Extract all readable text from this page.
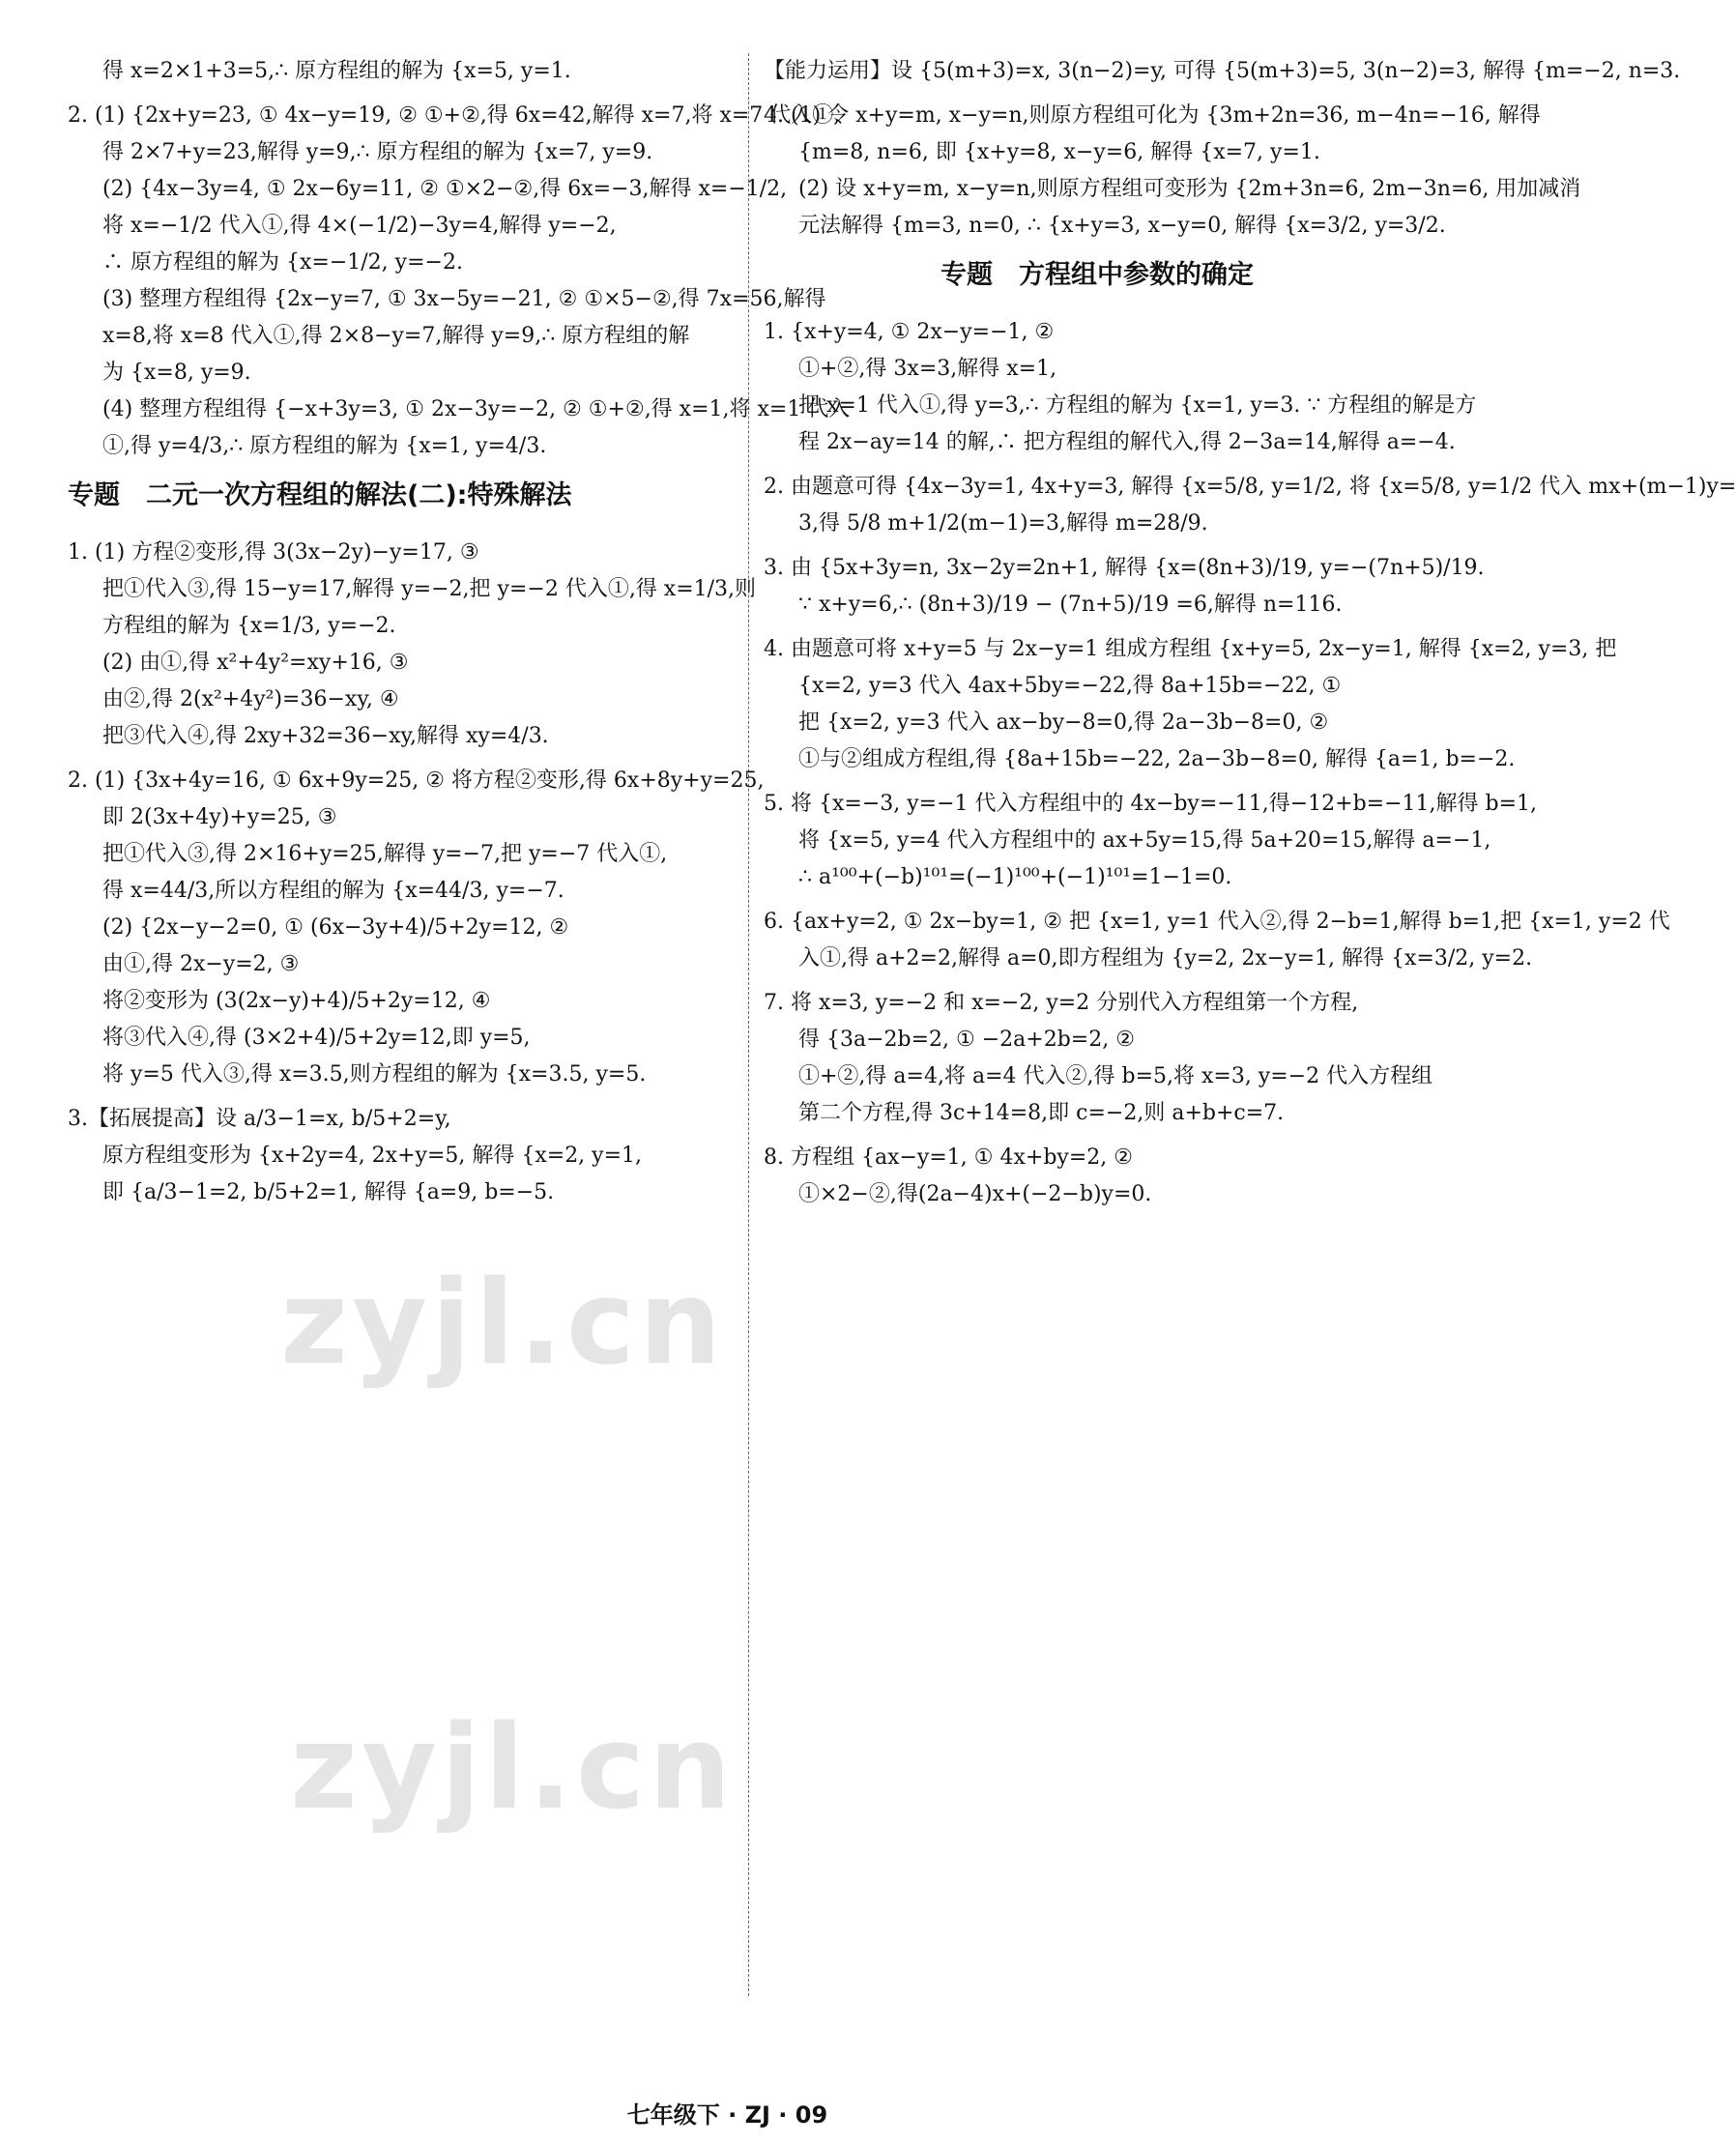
得 x=2×1+3=5,∴ 原方程组的解为 {x=5, y=1.
2. (1) {2x+y=23, ① 4x−y=19, ② ①+②,得 6x=42,解得 x=7,将 x=7 代入①,
得 2×7+y=23,解得 y=9,∴ 原方程组的解为 {x=7, y=9.
(2) {4x−3y=4, ① 2x−6y=11, ② ①×2−②,得 6x=−3,解得 x=−1/2,
将 x=−1/2 代入①,得 4×(−1/2)−3y=4,解得 y=−2,
∴ 原方程组的解为 {x=−1/2, y=−2.
(3) 整理方程组得 {2x−y=7, ① 3x−5y=−21, ② ①×5−②,得 7x=56,解得
x=8,将 x=8 代入①,得 2×8−y=7,解得 y=9,∴ 原方程组的解
为 {x=8, y=9.
(4) 整理方程组得 {−x+3y=3, ① 2x−3y=−2, ② ①+②,得 x=1,将 x=1 代入
①,得 y=4/3,∴ 原方程组的解为 {x=1, y=4/3.
专题　二元一次方程组的解法(二):特殊解法
1. (1) 方程②变形,得 3(3x−2y)−y=17, ③
把①代入③,得 15−y=17,解得 y=−2,把 y=−2 代入①,得 x=1/3,则
方程组的解为 {x=1/3, y=−2.
(2) 由①,得 x²+4y²=xy+16, ③
由②,得 2(x²+4y²)=36−xy, ④
把③代入④,得 2xy+32=36−xy,解得 xy=4/3.
2. (1) {3x+4y=16, ① 6x+9y=25, ② 将方程②变形,得 6x+8y+y=25,
即 2(3x+4y)+y=25, ③
把①代入③,得 2×16+y=25,解得 y=−7,把 y=−7 代入①,
得 x=44/3,所以方程组的解为 {x=44/3, y=−7.
(2) {2x−y−2=0, ① (6x−3y+4)/5+2y=12, ②
由①,得 2x−y=2, ③
将②变形为 (3(2x−y)+4)/5+2y=12, ④
将③代入④,得 (3×2+4)/5+2y=12,即 y=5,
将 y=5 代入③,得 x=3.5,则方程组的解为 {x=3.5, y=5.
3.【拓展提高】设 a/3−1=x, b/5+2=y,
原方程组变形为 {x+2y=4, 2x+y=5, 解得 {x=2, y=1,
即 {a/3−1=2, b/5+2=1, 解得 {a=9, b=−5.
【能力运用】设 {5(m+3)=x, 3(n−2)=y, 可得 {5(m+3)=5, 3(n−2)=3, 解得 {m=−2, n=3.
4. (1) 令 x+y=m, x−y=n,则原方程组可化为 {3m+2n=36, m−4n=−16, 解得
{m=8, n=6, 即 {x+y=8, x−y=6, 解得 {x=7, y=1.
(2) 设 x+y=m, x−y=n,则原方程组可变形为 {2m+3n=6, 2m−3n=6, 用加减消
元法解得 {m=3, n=0, ∴ {x+y=3, x−y=0, 解得 {x=3/2, y=3/2.
专题　方程组中参数的确定
1. {x+y=4, ① 2x−y=−1, ②
①+②,得 3x=3,解得 x=1,
把 x=1 代入①,得 y=3,∴ 方程组的解为 {x=1, y=3. ∵ 方程组的解是方
程 2x−ay=14 的解,∴ 把方程组的解代入,得 2−3a=14,解得 a=−4.
2. 由题意可得 {4x−3y=1, 4x+y=3, 解得 {x=5/8, y=1/2, 将 {x=5/8, y=1/2 代入 mx+(m−1)y=
3,得 5/8 m+1/2(m−1)=3,解得 m=28/9.
3. 由 {5x+3y=n, 3x−2y=2n+1, 解得 {x=(8n+3)/19, y=−(7n+5)/19.
∵ x+y=6,∴ (8n+3)/19 − (7n+5)/19 =6,解得 n=116.
4. 由题意可将 x+y=5 与 2x−y=1 组成方程组 {x+y=5, 2x−y=1, 解得 {x=2, y=3, 把
{x=2, y=3 代入 4ax+5by=−22,得 8a+15b=−22, ①
把 {x=2, y=3 代入 ax−by−8=0,得 2a−3b−8=0, ②
①与②组成方程组,得 {8a+15b=−22, 2a−3b−8=0, 解得 {a=1, b=−2.
5. 将 {x=−3, y=−1 代入方程组中的 4x−by=−11,得−12+b=−11,解得 b=1,
将 {x=5, y=4 代入方程组中的 ax+5y=15,得 5a+20=15,解得 a=−1,
∴ a¹⁰⁰+(−b)¹⁰¹=(−1)¹⁰⁰+(−1)¹⁰¹=1−1=0.
6. {ax+y=2, ① 2x−by=1, ② 把 {x=1, y=1 代入②,得 2−b=1,解得 b=1,把 {x=1, y=2 代
入①,得 a+2=2,解得 a=0,即方程组为 {y=2, 2x−y=1, 解得 {x=3/2, y=2.
7. 将 x=3, y=−2 和 x=−2, y=2 分别代入方程组第一个方程,
得 {3a−2b=2, ① −2a+2b=2, ②
①+②,得 a=4,将 a=4 代入②,得 b=5,将 x=3, y=−2 代入方程组
第二个方程,得 3c+14=8,即 c=−2,则 a+b+c=7.
8. 方程组 {ax−y=1, ① 4x+by=2, ②
①×2−②,得(2a−4)x+(−2−b)y=0.
zyjl.cn
zyjl.cn
七年级下 · ZJ · 09
